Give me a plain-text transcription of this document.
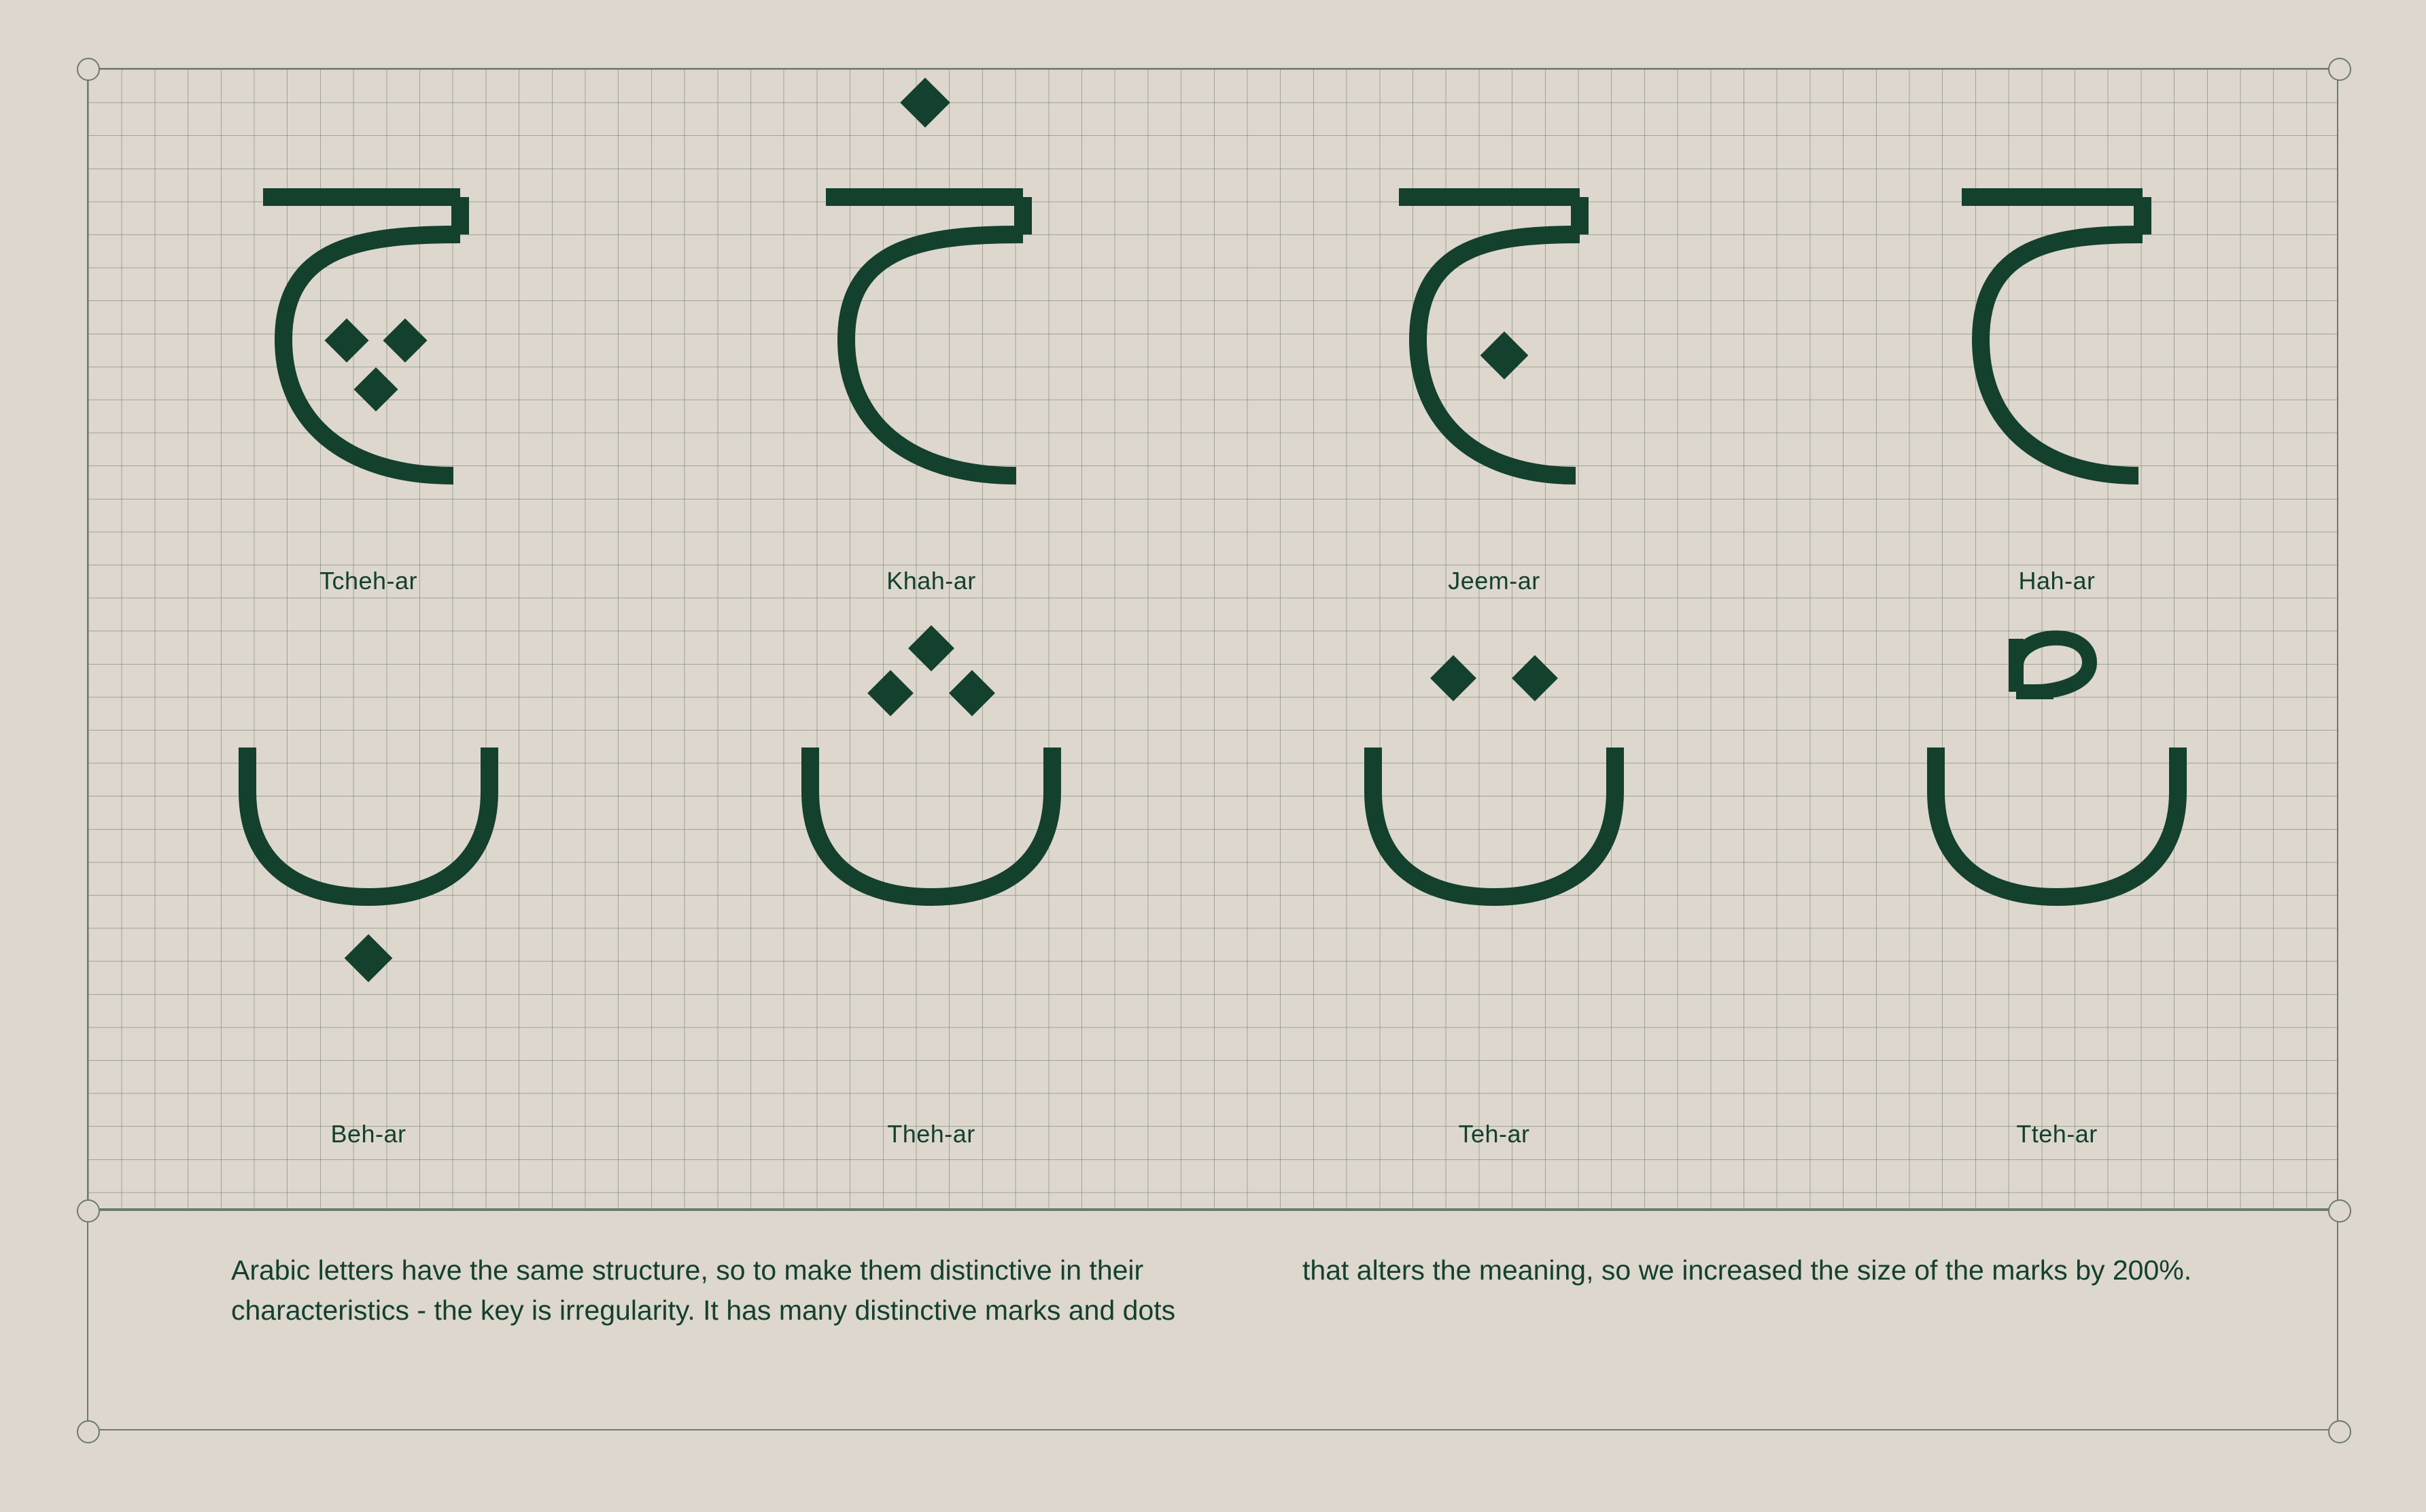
Tcheh-ar	Khah-ar	Jeem-ar	Hah-ar
Beh-ar	Theh-ar	Teh-ar	Tteh-ar
Arabic letters have the same structure, so to make them distinctive in their characteristics - the key is irregularity. It has many distinctive marks and dots
that alters the meaning, so we increased the size of the marks by 200%.
